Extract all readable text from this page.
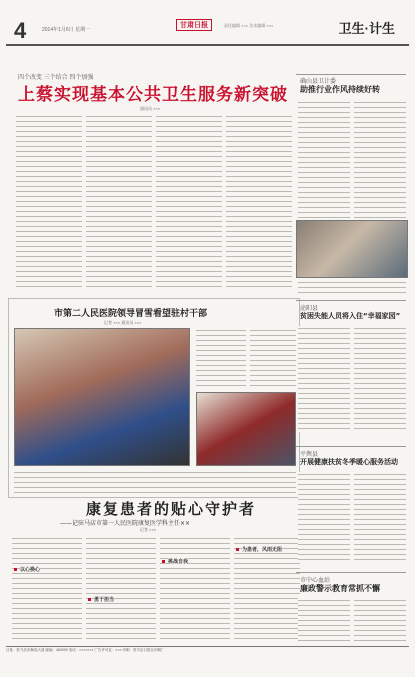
4	2014年1月6日 星期一
甘肃日报	责任编辑 ××× 美术编辑 ×××	卫生·计生
四个改变 三个结合 四个加强
上蔡实现基本公共卫生服务新突破
通讯员 ×××
确山县卫计委
助推行业作风持续好转
市第二人民医院领导冒雪看望驻村干部
记者 ××× 通讯员 ×××
康复患者的贴心守护者
——记驻马店市第一人民医院康复医学科主任××
记者 ×××
以心换心
勇于担当
挑战自我
为患者，风雨无阻
泌阳县
贫困失能人员将入住“幸福家园”
平舆县
开展健康扶贫冬季暖心服务活动
市中心血站
廉政警示教育常抓不懈
社址：驻马店市解放大道 邮编：463000 电话：××××××× 广告许可证：××× 印刷：驻马店日报社印刷厂
